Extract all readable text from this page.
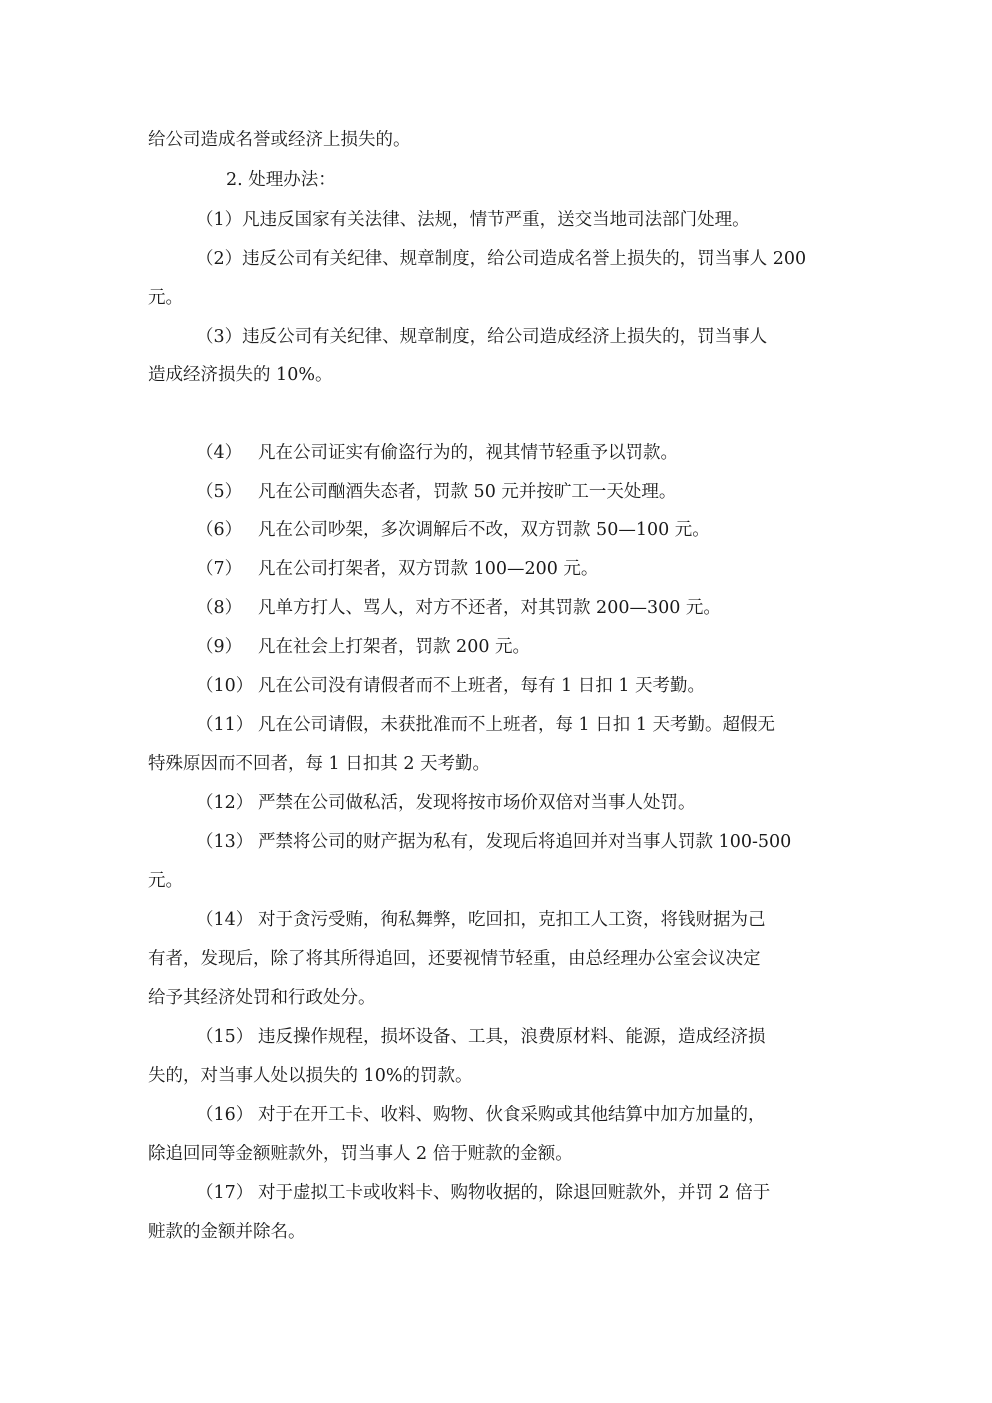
给公司造成名誉或经济上损失的。
2. 处理办法：
（1）凡违反国家有关法律、法规，情节严重，送交当地司法部门处理。
（2）违反公司有关纪律、规章制度，给公司造成名誉上损失的，罚当事人 200
元。
（3）违反公司有关纪律、规章制度，给公司造成经济上损失的，罚当事人
造成经济损失的 10%。
（4） 凡在公司证实有偷盗行为的，视其情节轻重予以罚款。
（5） 凡在公司酗酒失态者，罚款 50 元并按旷工一天处理。
（6） 凡在公司吵架，多次调解后不改，双方罚款 50—100 元。
（7） 凡在公司打架者，双方罚款 100—200 元。
（8） 凡单方打人、骂人，对方不还者，对其罚款 200—300 元。
（9） 凡在社会上打架者，罚款 200 元。
（10） 凡在公司没有请假者而不上班者，每有 1 日扣 1 天考勤。
（11） 凡在公司请假，未获批准而不上班者，每 1 日扣 1 天考勤。超假无
特殊原因而不回者，每 1 日扣其 2 天考勤。
（12） 严禁在公司做私活，发现将按市场价双倍对当事人处罚。
（13） 严禁将公司的财产据为私有，发现后将追回并对当事人罚款 100-500
元。
（14） 对于贪污受贿，徇私舞弊，吃回扣，克扣工人工资，将钱财据为己
有者，发现后，除了将其所得追回，还要视情节轻重，由总经理办公室会议决定
给予其经济处罚和行政处分。
（15） 违反操作规程，损坏设备、工具，浪费原材料、能源，造成经济损
失的，对当事人处以损失的 10%的罚款。
（16） 对于在开工卡、收料、购物、伙食采购或其他结算中加方加量的，
除追回同等金额赃款外，罚当事人 2 倍于赃款的金额。
（17） 对于虚拟工卡或收料卡、购物收据的，除退回赃款外，并罚 2 倍于
赃款的金额并除名。
